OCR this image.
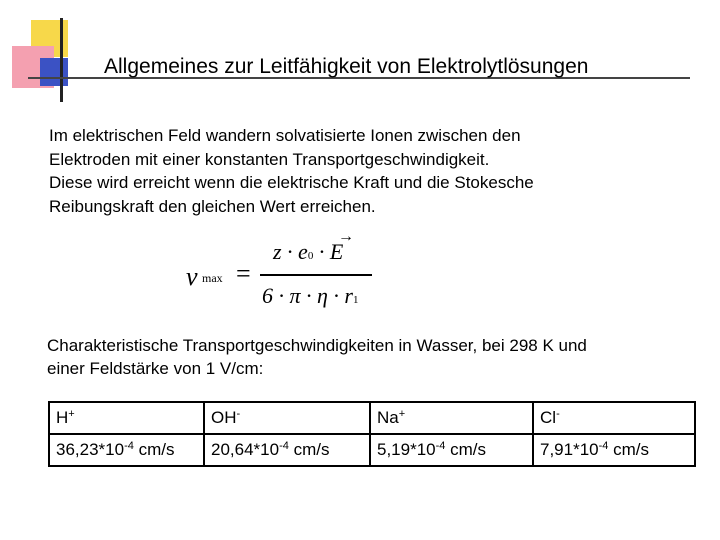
Allgemeines zur Leitfähigkeit von Elektrolytlösungen
Im elektrischen Feld wandern solvatisierte Ionen zwischen den
Elektroden mit einer konstanten Transportgeschwindigkeit.
Diese wird erreicht wenn die elektrische Kraft und die Stokesche
Reibungskraft den gleichen Wert erreichen.
v max =
→
z · e0 · E
6 · π · η · r1
Charakteristische Transportgeschwindigkeiten in Wasser, bei 298 K und
einer Feldstärke von 1 V/cm:
H+	OH-	Na+	Cl-
$36,23*10^{-4}$ cm/s	$20,64*10^{-4}$ cm/s	$5,19*10^{-4}$ cm/s	$7,91*10^{-4}$ cm/s
